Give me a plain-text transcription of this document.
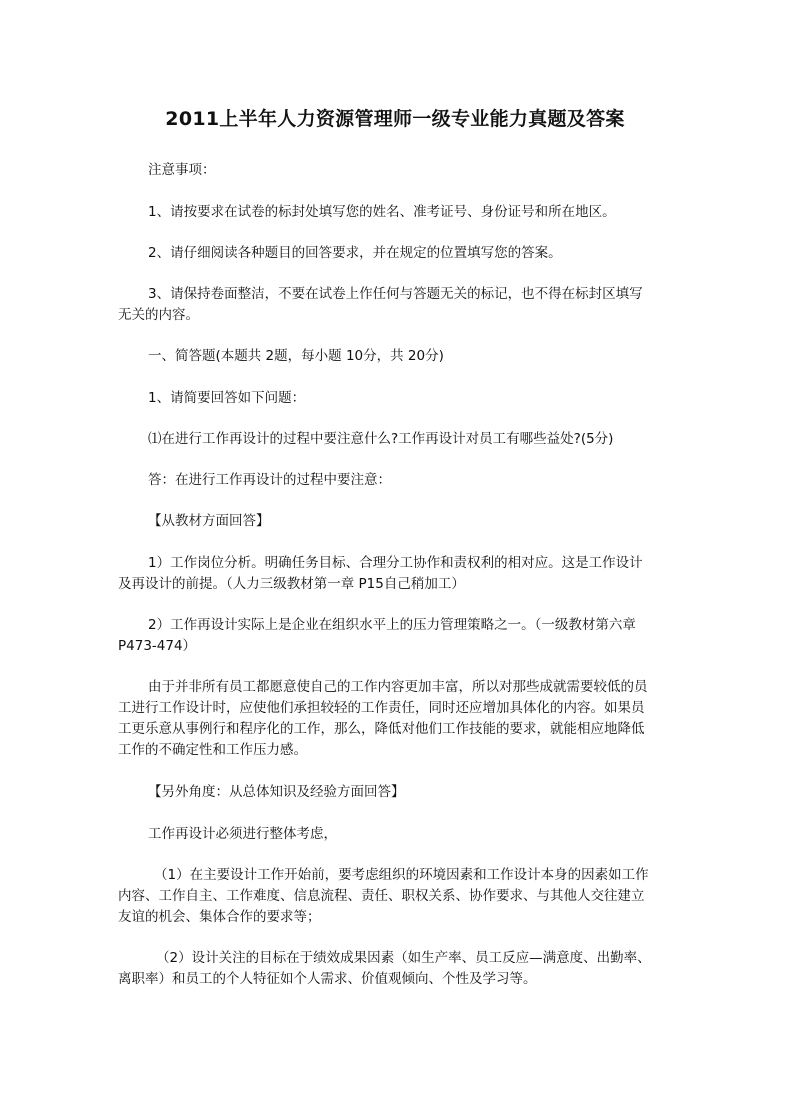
2011上半年人力资源管理师一级专业能力真题及答案
注意事项：
1、请按要求在试卷的标封处填写您的姓名、准考证号、身份证号和所在地区。
2、请仔细阅读各种题目的回答要求，并在规定的位置填写您的答案。
3、请保持卷面整洁，不要在试卷上作任何与答题无关的标记，也不得在标封区填写
无关的内容。
一、简答题(本题共 2题，每小题 10分，共 20分)
1、请简要回答如下问题：
⑴在进行工作再设计的过程中要注意什么?工作再设计对员工有哪些益处?(5分)
答：在进行工作再设计的过程中要注意：
【从教材方面回答】
1）工作岗位分析。明确任务目标、合理分工协作和责权利的相对应。这是工作设计
及再设计的前提。（人力三级教材第一章 P15自己稍加工）
2）工作再设计实际上是企业在组织水平上的压力管理策略之一。（一级教材第六章
P473-474）
由于并非所有员工都愿意使自己的工作内容更加丰富，所以对那些成就需要较低的员
工进行工作设计时，应使他们承担较轻的工作责任，同时还应增加具体化的内容。如果员
工更乐意从事例行和程序化的工作，那么，降低对他们工作技能的要求，就能相应地降低
工作的不确定性和工作压力感。
【另外角度：从总体知识及经验方面回答】
工作再设计必须进行整体考虑，
（1）在主要设计工作开始前，要考虑组织的环境因素和工作设计本身的因素如工作
内容、工作自主、工作难度、信息流程、责任、职权关系、协作要求、与其他人交往建立
友谊的机会、集体合作的要求等；
（2）设计关注的目标在于绩效成果因素（如生产率、员工反应—满意度、出勤率、
离职率）和员工的个人特征如个人需求、价值观倾向、个性及学习等。
